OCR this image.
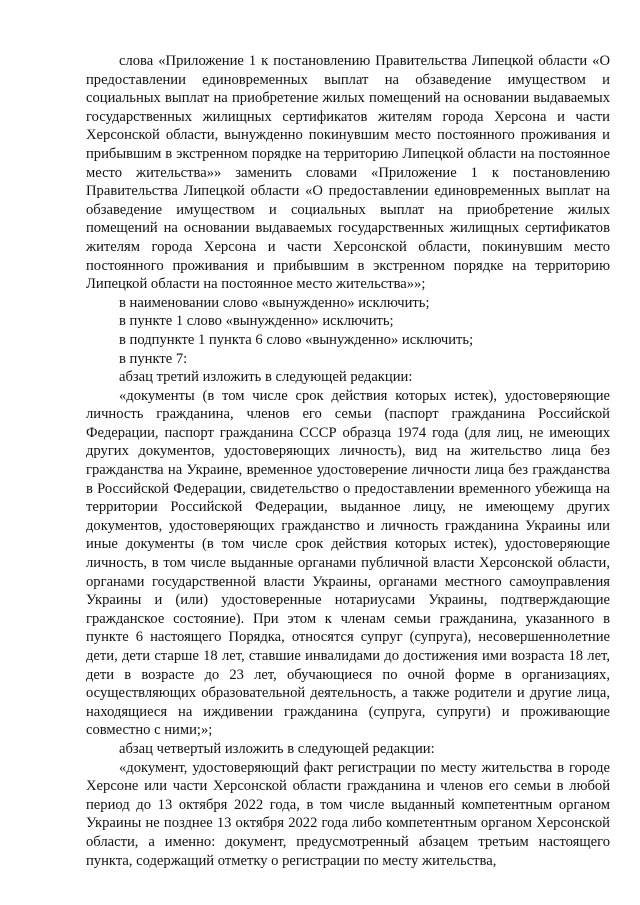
слова «Приложение 1 к постановлению Правительства Липецкой области «О предоставлении единовременных выплат на обзаведение имуществом и социальных выплат на приобретение жилых помещений на основании выдаваемых государственных жилищных сертификатов жителям города Херсона и части Херсонской области, вынужденно покинувшим место постоянного проживания и прибывшим в экстренном порядке на территорию Липецкой области на постоянное место жительства»» заменить словами «Приложение 1 к постановлению Правительства Липецкой области «О предоставлении единовременных выплат на обзаведение имуществом и социальных выплат на приобретение жилых помещений на основании выдаваемых государственных жилищных сертификатов жителям города Херсона и части Херсонской области, покинувшим место постоянного проживания и прибывшим в экстренном порядке на территорию Липецкой области на постоянное место жительства»»;

в наименовании слово «вынужденно» исключить;

в пункте 1 слово «вынужденно» исключить;

в подпункте 1 пункта 6 слово «вынужденно» исключить;

в пункте 7:

абзац третий изложить в следующей редакции:

«документы (в том числе срок действия которых истек), удостоверяющие личность гражданина, членов его семьи (паспорт гражданина Российской Федерации, паспорт гражданина СССР образца 1974 года (для лиц, не имеющих других документов, удостоверяющих личность), вид на жительство лица без гражданства на Украине, временное удостоверение личности лица без гражданства в Российской Федерации, свидетельство о предоставлении временного убежища на территории Российской Федерации, выданное лицу, не имеющему других документов, удостоверяющих гражданство и личность гражданина Украины или иные документы (в том числе срок действия которых истек), удостоверяющие личность, в том числе выданные органами публичной власти Херсонской области, органами государственной власти Украины, органами местного самоуправления Украины и (или) удостоверенные нотариусами Украины, подтверждающие гражданское состояние). При этом к членам семьи гражданина, указанного в пункте 6 настоящего Порядка, относятся супруг (супруга), несовершеннолетние дети, дети старше 18 лет, ставшие инвалидами до достижения ими возраста 18 лет, дети в возрасте до 23 лет, обучающиеся по очной форме в организациях, осуществляющих образовательной деятельность, а также родители и другие лица, находящиеся на иждивении гражданина (супруга, супруги) и проживающие совместно с ними;»;

абзац четвертый изложить в следующей редакции:

«документ, удостоверяющий факт регистрации по месту жительства в городе Херсоне или части Херсонской области гражданина и членов его семьи в любой период до 13 октября 2022 года, в том числе выданный компетентным органом Украины не позднее 13 октября 2022 года либо компетентным органом Херсонской области, а именно: документ, предусмотренный абзацем третьим настоящего пункта, содержащий отметку о регистрации по месту жительства,
